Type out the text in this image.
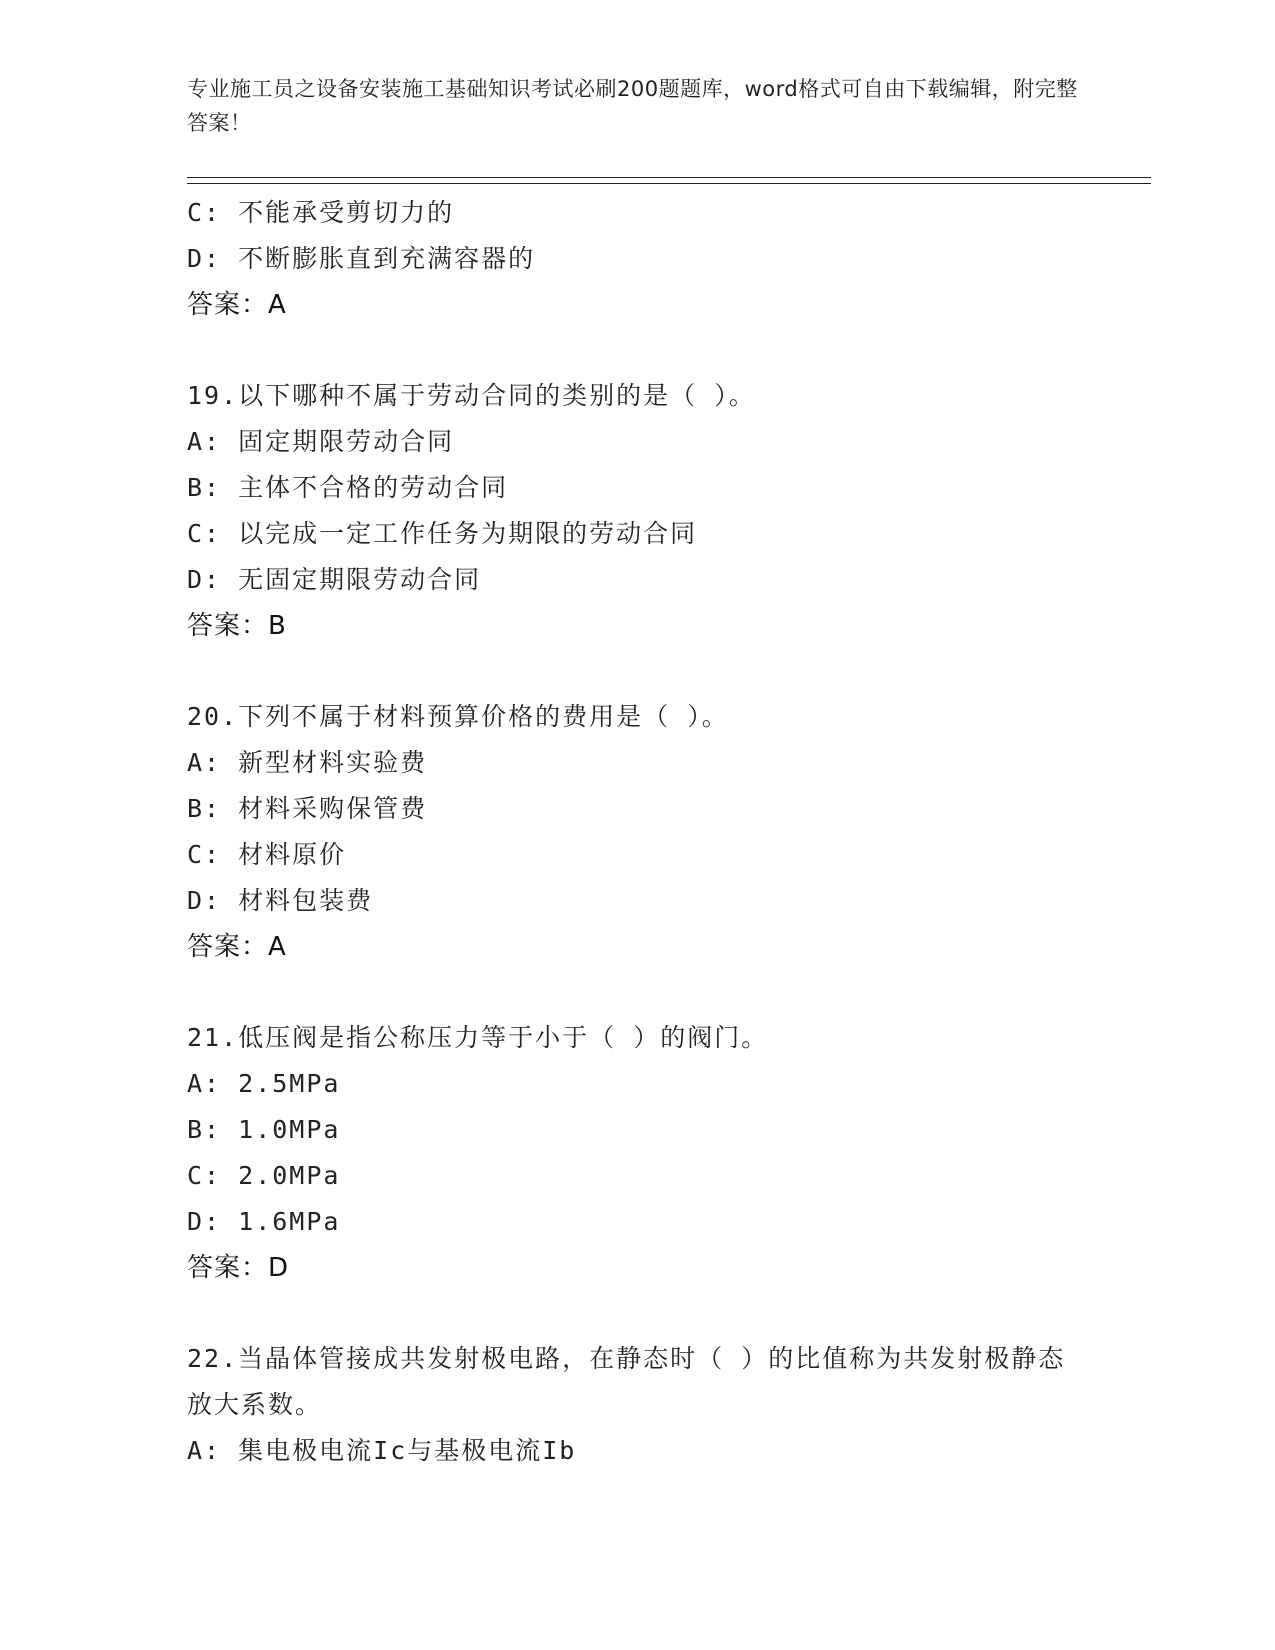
专业施工员之设备安装施工基础知识考试必刷200题题库，word格式可自由下载编辑，附完整答案！
C: 不能承受剪切力的
D: 不断膨胀直到充满容器的
答案：A
19.以下哪种不属于劳动合同的类别的是（ ）。
A: 固定期限劳动合同
B: 主体不合格的劳动合同
C: 以完成一定工作任务为期限的劳动合同
D: 无固定期限劳动合同
答案：B
20.下列不属于材料预算价格的费用是（ ）。
A: 新型材料实验费
B: 材料采购保管费
C: 材料原价
D: 材料包装费
答案：A
21.低压阀是指公称压力等于小于（ ）的阀门。
A: 2.5MPa
B: 1.0MPa
C: 2.0MPa
D: 1.6MPa
答案：D
22.当晶体管接成共发射极电路，在静态时（ ）的比值称为共发射极静态放大系数。
A: 集电极电流Ic与基极电流Ib
